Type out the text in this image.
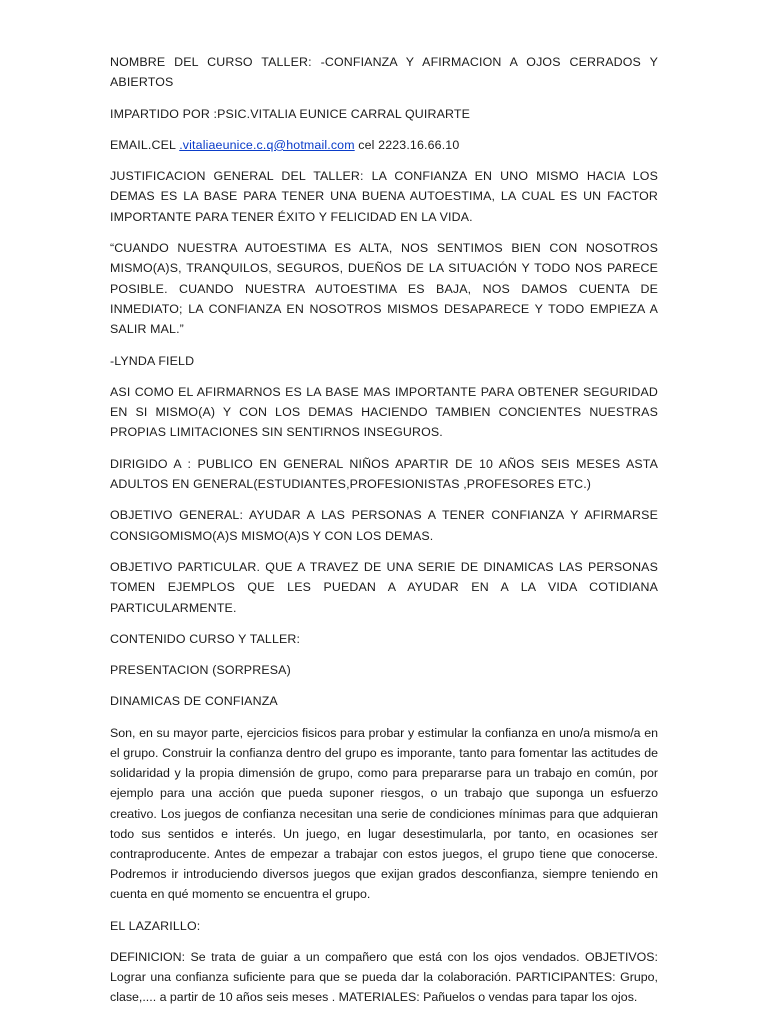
NOMBRE DEL CURSO TALLER: -CONFIANZA Y AFIRMACION A OJOS CERRADOS Y ABIERTOS

IMPARTIDO POR :PSIC.VITALIA EUNICE CARRAL QUIRARTE

EMAIL.CEL .vitaliaeunice.c.q@hotmail.com cel 2223.16.66.10

JUSTIFICACION GENERAL DEL TALLER: LA CONFIANZA EN UNO MISMO HACIA LOS DEMAS ES LA BASE PARA TENER UNA BUENA AUTOESTIMA, LA CUAL ES UN FACTOR IMPORTANTE PARA TENER ÉXITO Y FELICIDAD EN LA VIDA.

“CUANDO NUESTRA AUTOESTIMA ES ALTA, NOS SENTIMOS BIEN CON NOSOTROS MISMO(A)S, TRANQUILOS, SEGUROS, DUEÑOS DE LA SITUACIÓN Y TODO NOS PARECE POSIBLE. CUANDO NUESTRA AUTOESTIMA ES BAJA, NOS DAMOS CUENTA DE INMEDIATO; LA CONFIANZA EN NOSOTROS MISMOS DESAPARECE Y TODO EMPIEZA A SALIR MAL.”

-LYNDA FIELD

ASI COMO EL AFIRMARNOS ES LA BASE MAS IMPORTANTE PARA OBTENER SEGURIDAD EN SI MISMO(A) Y CON LOS DEMAS HACIENDO TAMBIEN CONCIENTES NUESTRAS PROPIAS LIMITACIONES SIN SENTIRNOS INSEGUROS.

DIRIGIDO A : PUBLICO EN GENERAL NIÑOS APARTIR DE 10 AÑOS SEIS MESES ASTA ADULTOS EN GENERAL(ESTUDIANTES,PROFESIONISTAS ,PROFESORES ETC.)

OBJETIVO GENERAL: AYUDAR A LAS PERSONAS A TENER CONFIANZA Y AFIRMARSE CONSIGOMISMO(A)S MISMO(A)S Y CON LOS DEMAS.

OBJETIVO PARTICULAR. QUE A TRAVEZ DE UNA SERIE DE DINAMICAS LAS PERSONAS TOMEN EJEMPLOS QUE LES PUEDAN A AYUDAR EN A LA VIDA COTIDIANA PARTICULARMENTE.

CONTENIDO CURSO Y TALLER:

PRESENTACION (SORPRESA)

DINAMICAS DE CONFIANZA

Son, en su mayor parte, ejercicios fisicos para probar y estimular la confianza en uno/a mismo/a en el grupo. Construir la confianza dentro del grupo es imporante, tanto para fomentar las actitudes de solidaridad y la propia dimensión de grupo, como para prepararse para un trabajo en común, por ejemplo para una acción que pueda suponer riesgos, o un trabajo que suponga un esfuerzo creativo. Los juegos de confianza necesitan una serie de condiciones mínimas para que adquieran todo sus sentidos e interés. Un juego, en lugar desestimularla, por tanto, en ocasiones ser contraproducente. Antes de empezar a trabajar con estos juegos, el grupo tiene que conocerse. Podremos ir introduciendo diversos juegos que exijan grados desconfianza, siempre teniendo en cuenta en qué momento se encuentra el grupo.

EL LAZARILLO:

DEFINICION: Se trata de guiar a un compañero que está con los ojos vendados. OBJETIVOS: Lograr una confianza suficiente para que se pueda dar la colaboración. PARTICIPANTES: Grupo, clase,.... a partir de 10 años seis meses . MATERIALES: Pañuelos o vendas para tapar los ojos.
